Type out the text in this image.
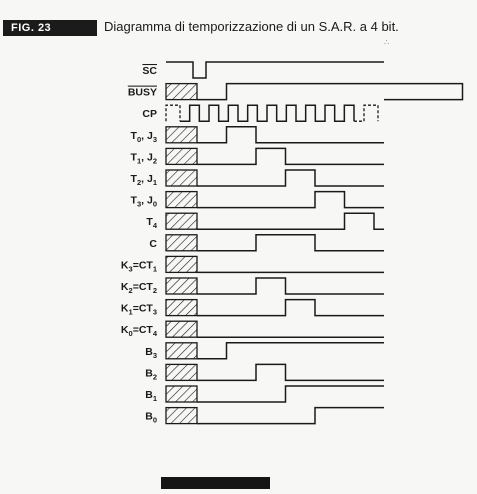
FIG. 23	Diagramma di temporizzazione di un S.A.R. a 4 bit.
∴
SC
BUSY
CP
$T_0$, $J_3$
$T_1$, $J_2$
$T_2$, $J_1$
$T_3$, $J_0$
$T_4$
C
$K_3=CT_1$
$K_2=CT_2$
$K_1=CT_3$
$K_0=CT_4$
$B_3$
$B_2$
$B_1$
$B_0$
